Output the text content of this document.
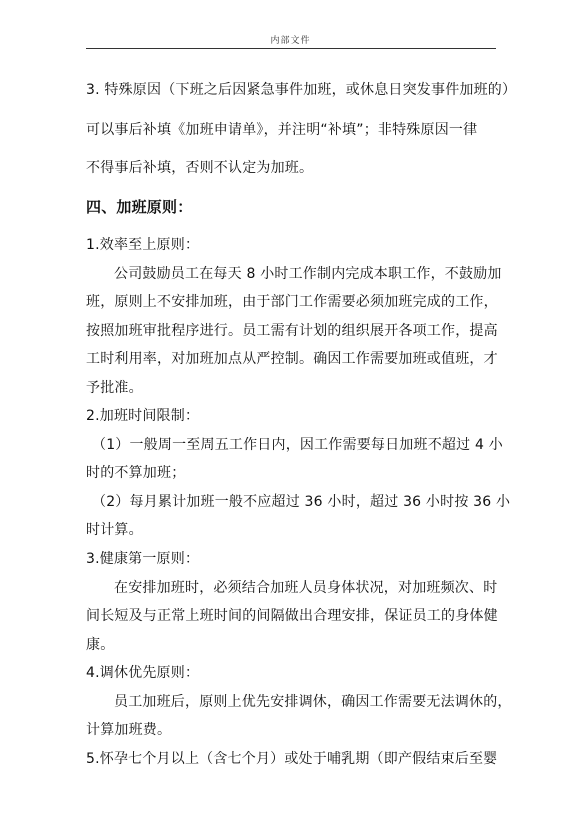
内部文件
3. 特殊原因（下班之后因紧急事件加班，或休息日突发事件加班的）
可以事后补填《加班申请单》，并注明“补填”；非特殊原因一律
不得事后补填，否则不认定为加班。
四、加班原则：
1.效率至上原则：
公司鼓励员工在每天 8 小时工作制内完成本职工作，不鼓励加
班，原则上不安排加班，由于部门工作需要必须加班完成的工作，
按照加班审批程序进行。员工需有计划的组织展开各项工作，提高
工时利用率，对加班加点从严控制。确因工作需要加班或值班，才
予批准。
2.加班时间限制：
（1）一般周一至周五工作日内，因工作需要每日加班不超过 4 小
时的不算加班；
（2）每月累计加班一般不应超过 36 小时，超过 36 小时按 36 小
时计算。
3.健康第一原则：
在安排加班时，必须结合加班人员身体状况，对加班频次、时
间长短及与正常上班时间的间隔做出合理安排，保证员工的身体健
康。
4.调休优先原则：
员工加班后，原则上优先安排调休，确因工作需要无法调休的，
计算加班费。
5.怀孕七个月以上（含七个月）或处于哺乳期（即产假结束后至婴
